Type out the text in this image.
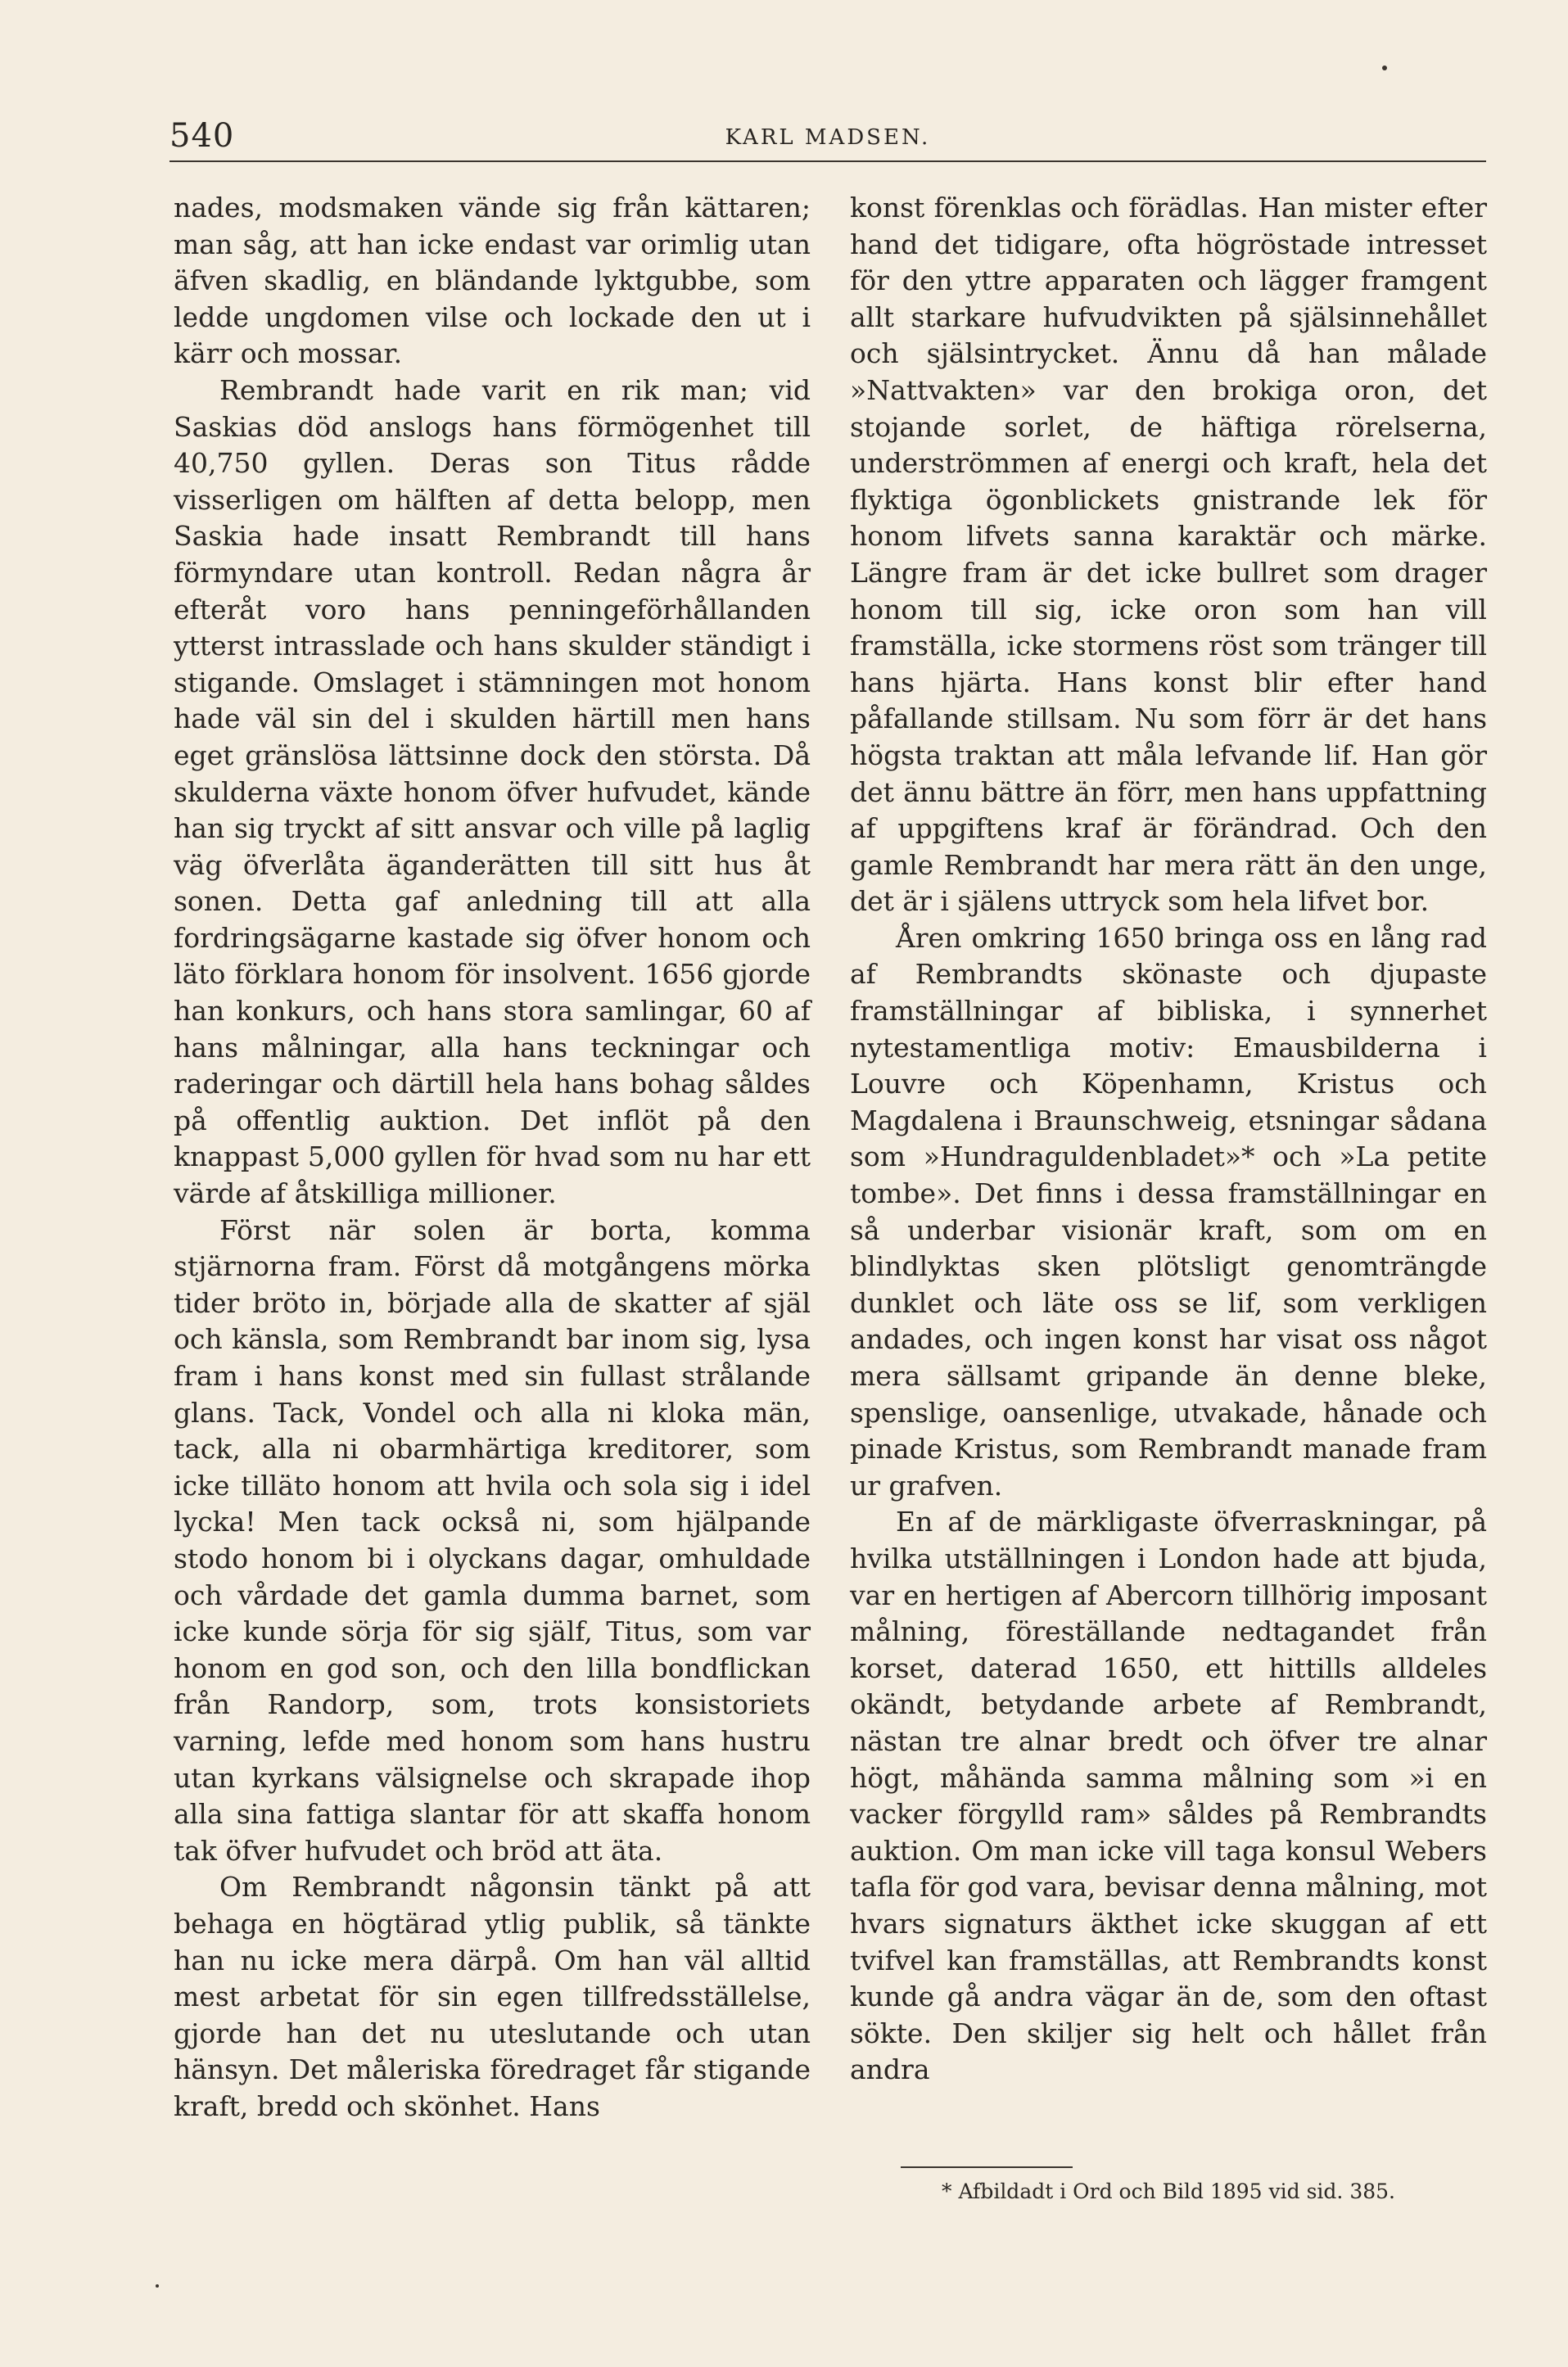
540	KARL MADSEN.

nades, modsmaken vände sig från kättaren; man såg, att han icke endast var orimlig utan äfven skadlig, en bländande lyktgubbe, som ledde ungdomen vilse och lockade den ut i kärr och mossar.

Rembrandt hade varit en rik man; vid Saskias död anslogs hans förmögenhet till 40,750 gyllen. Deras son Titus rådde visserligen om hälften af detta belopp, men Saskia hade insatt Rembrandt till hans förmyndare utan kontroll. Redan några år efteråt voro hans penningeförhållanden ytterst intrasslade och hans skulder ständigt i stigande. Omslaget i stämningen mot honom hade väl sin del i skulden härtill men hans eget gränslösa lättsinne dock den största. Då skulderna växte honom öfver hufvudet, kände han sig tryckt af sitt ansvar och ville på laglig väg öfverlåta äganderätten till sitt hus åt sonen. Detta gaf anledning till att alla fordringsägarne kastade sig öfver honom och läto förklara honom för insolvent. 1656 gjorde han konkurs, och hans stora samlingar, 60 af hans målningar, alla hans teckningar och raderingar och därtill hela hans bohag såldes på offentlig auktion. Det inflöt på den knappast 5,000 gyllen för hvad som nu har ett värde af åtskilliga millioner.

Först när solen är borta, komma stjärnorna fram. Först då motgångens mörka tider bröto in, började alla de skatter af själ och känsla, som Rembrandt bar inom sig, lysa fram i hans konst med sin fullast strålande glans. Tack, Vondel och alla ni kloka män, tack, alla ni obarmhärtiga kreditorer, som icke tilläto honom att hvila och sola sig i idel lycka! Men tack också ni, som hjälpande stodo honom bi i olyckans dagar, omhuldade och vårdade det gamla dumma barnet, som icke kunde sörja för sig själf, Titus, som var honom en god son, och den lilla bondflickan från Randorp, som, trots konsistoriets varning, lefde med honom som hans hustru utan kyrkans välsignelse och skrapade ihop alla sina fattiga slantar för att skaffa honom tak öfver hufvudet och bröd att äta.

Om Rembrandt någonsin tänkt på att behaga en högtärad ytlig publik, så tänkte han nu icke mera därpå. Om han väl alltid mest arbetat för sin egen tillfredsställelse, gjorde han det nu uteslutande och utan hänsyn. Det måleriska föredraget får stigande kraft, bredd och skönhet. Hans

konst förenklas och förädlas. Han mister efter hand det tidigare, ofta högröstade intresset för den yttre apparaten och lägger framgent allt starkare hufvudvikten på själsinnehållet och själsintrycket. Ännu då han målade »Nattvakten» var den brokiga oron, det stojande sorlet, de häftiga rörelserna, underströmmen af energi och kraft, hela det flyktiga ögonblickets gnistrande lek för honom lifvets sanna karaktär och märke. Längre fram är det icke bullret som drager honom till sig, icke oron som han vill framställa, icke stormens röst som tränger till hans hjärta. Hans konst blir efter hand påfallande stillsam. Nu som förr är det hans högsta traktan att måla lefvande lif. Han gör det ännu bättre än förr, men hans uppfattning af uppgiftens kraf är förändrad. Och den gamle Rembrandt har mera rätt än den unge, det är i själens uttryck som hela lifvet bor.

Åren omkring 1650 bringa oss en lång rad af Rembrandts skönaste och djupaste framställningar af bibliska, i synnerhet nytestamentliga motiv: Emausbilderna i Louvre och Köpenhamn, Kristus och Magdalena i Braunschweig, etsningar sådana som »Hundraguldenbladet»* och »La petite tombe». Det finns i dessa framställningar en så underbar visionär kraft, som om en blindlyktas sken plötsligt genomträngde dunklet och läte oss se lif, som verkligen andades, och ingen konst har visat oss något mera sällsamt gripande än denne bleke, spenslige, oansenlige, utvakade, hånade och pinade Kristus, som Rembrandt manade fram ur grafven.

En af de märkligaste öfverraskningar, på hvilka utställningen i London hade att bjuda, var en hertigen af Abercorn tillhörig imposant målning, föreställande nedtagandet från korset, daterad 1650, ett hittills alldeles okändt, betydande arbete af Rembrandt, nästan tre alnar bredt och öfver tre alnar högt, måhända samma målning som »i en vacker förgylld ram» såldes på Rembrandts auktion. Om man icke vill taga konsul Webers tafla för god vara, bevisar denna målning, mot hvars signaturs äkthet icke skuggan af ett tvifvel kan framställas, att Rembrandts konst kunde gå andra vägar än de, som den oftast sökte. Den skiljer sig helt och hållet från andra

* Afbildadt i Ord och Bild 1895 vid sid. 385.
